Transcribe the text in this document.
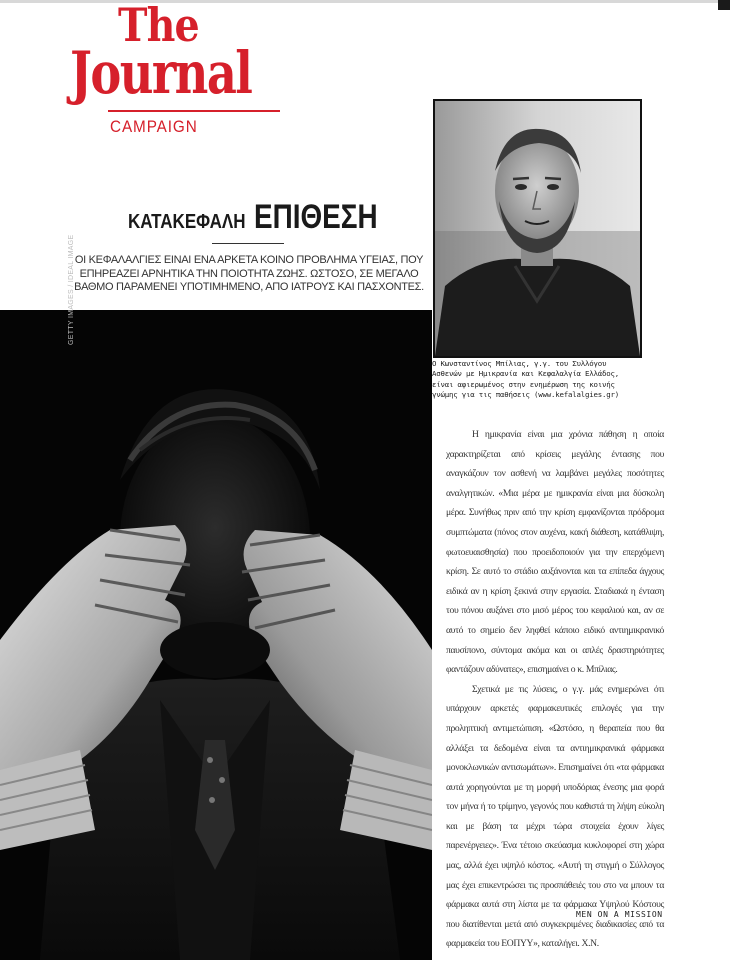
The
Journal
CAMPAIGN
ΚΑΤΑΚΕΦΑΛΗ ΕΠΙΘΕΣΗ
ΟΙ ΚΕΦΑΛΑΛΓΙΕΣ ΕΙΝΑΙ ΕΝΑ ΑΡΚΕΤΑ ΚΟΙΝΟ ΠΡΟΒΛΗΜΑ ΥΓΕΙΑΣ, ΠΟΥ ΕΠΗΡΕΑΖΕΙ ΑΡΝΗΤΙΚΑ ΤΗΝ ΠΟΙΟΤΗΤΑ ΖΩΗΣ. ΩΣΤΟΣΟ, ΣΕ ΜΕΓΑΛΟ ΒΑΘΜΟ ΠΑΡΑΜΕΝΕΙ ΥΠΟΤΙΜΗΜΕΝΟ, ΑΠΟ ΙΑΤΡΟΥΣ ΚΑΙ ΠΑΣΧΟΝΤΕΣ.
GETTY IMAGES / IDEAL IMAGE
Ο Κωνσταντίνος Μπίλιας, γ.γ. του Συλλόγου
Ασθενών με Ημικρανία και Κεφαλαλγία Ελλάδος,
είναι αφιερωμένος στην ενημέρωση της κοινής
γνώμης για τις παθήσεις (www.kefalalgies.gr)

Η ημικρανία είναι μια χρόνια πάθηση η οποία χαρακτηρίζεται από κρίσεις μεγάλης έντασης που αναγκάζουν τον ασθενή να λαμβάνει μεγάλες ποσότητες αναλγητικών. «Μια μέρα με ημικρανία είναι μια δύσκολη μέρα. Συνήθως πριν από την κρίση εμφανίζονται πρόδρομα συμπτώματα (πόνος στον αυχένα, κακή διάθεση, κατάθλιψη, φωτοευαισθησία) που προειδοποιούν για την επερχόμενη κρίση. Σε αυτό το στάδιο αυξάνονται και τα επίπεδα άγχους ειδικά αν η κρίση ξεκινά στην εργασία. Σταδιακά η ένταση του πόνου αυξάνει στο μισό μέρος του κεφαλιού και, αν σε αυτό το σημείο δεν ληφθεί κάποιο ειδικό αντιημικρανικό παυσίπονο, σύντομα ακόμα και οι απλές δραστηριότητες φαντάζουν αδύνατες», επισημαίνει ο κ. Μπίλιας.

Σχετικά με τις λύσεις, ο γ.γ. μάς ενημερώνει ότι υπάρχουν αρκετές φαρμακευτικές επιλογές για την προληπτική αντιμετώπιση. «Ωστόσο, η θεραπεία που θα αλλάξει τα δεδομένα είναι τα αντιημικρανικά φάρμακα μονοκλωνικών αντισωμάτων». Επισημαίνει ότι «τα φάρμακα αυτά χορηγούνται με τη μορφή υποδόριας ένεσης μια φορά τον μήνα ή το τρίμηνο, γεγονός που καθιστά τη λήψη εύκολη και με βάση τα μέχρι τώρα στοιχεία έχουν λίγες παρενέργειες». Ένα τέτοιο σκεύασμα κυκλοφορεί στη χώρα μας, αλλά έχει υψηλό κόστος. «Αυτή τη στιγμή ο Σύλλογος μας έχει επικεντρώσει τις προσπάθειές του στο να μπουν τα φάρμακα αυτά στη λίστα με τα φάρμακα Υψηλού Κόστους που διατίθενται μετά από συγκεκριμένες διαδικασίες από τα φαρμακεία του ΕΟΠΥΥ», καταλήγει. Χ.Ν.

MEN ON A MISSION
